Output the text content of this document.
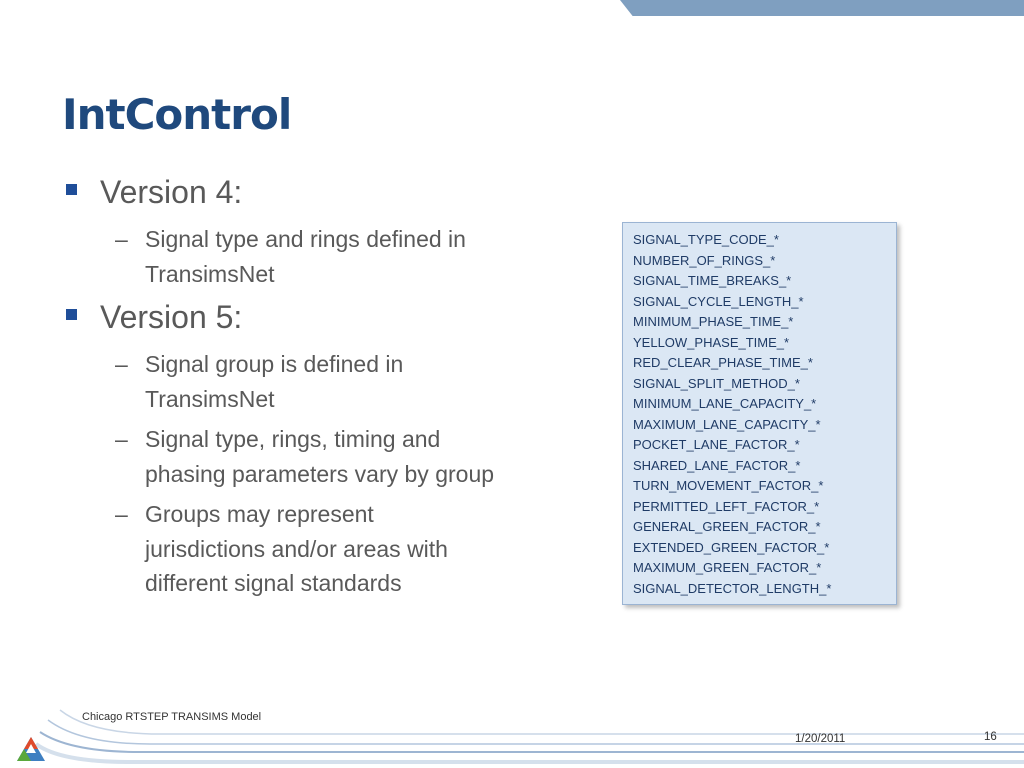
IntControl
Version 4:
– Signal type and rings defined in TransimsNet
Version 5:
– Signal group is defined in TransimsNet
– Signal type, rings, timing and phasing parameters vary by group
– Groups may represent jurisdictions and/or areas with different signal standards
SIGNAL_TYPE_CODE_*
NUMBER_OF_RINGS_*
SIGNAL_TIME_BREAKS_*
SIGNAL_CYCLE_LENGTH_*
MINIMUM_PHASE_TIME_*
YELLOW_PHASE_TIME_*
RED_CLEAR_PHASE_TIME_*
SIGNAL_SPLIT_METHOD_*
MINIMUM_LANE_CAPACITY_*
MAXIMUM_LANE_CAPACITY_*
POCKET_LANE_FACTOR_*
SHARED_LANE_FACTOR_*
TURN_MOVEMENT_FACTOR_*
PERMITTED_LEFT_FACTOR_*
GENERAL_GREEN_FACTOR_*
EXTENDED_GREEN_FACTOR_*
MAXIMUM_GREEN_FACTOR_*
SIGNAL_DETECTOR_LENGTH_*
Chicago RTSTEP TRANSIMS Model
1/20/2011	16
